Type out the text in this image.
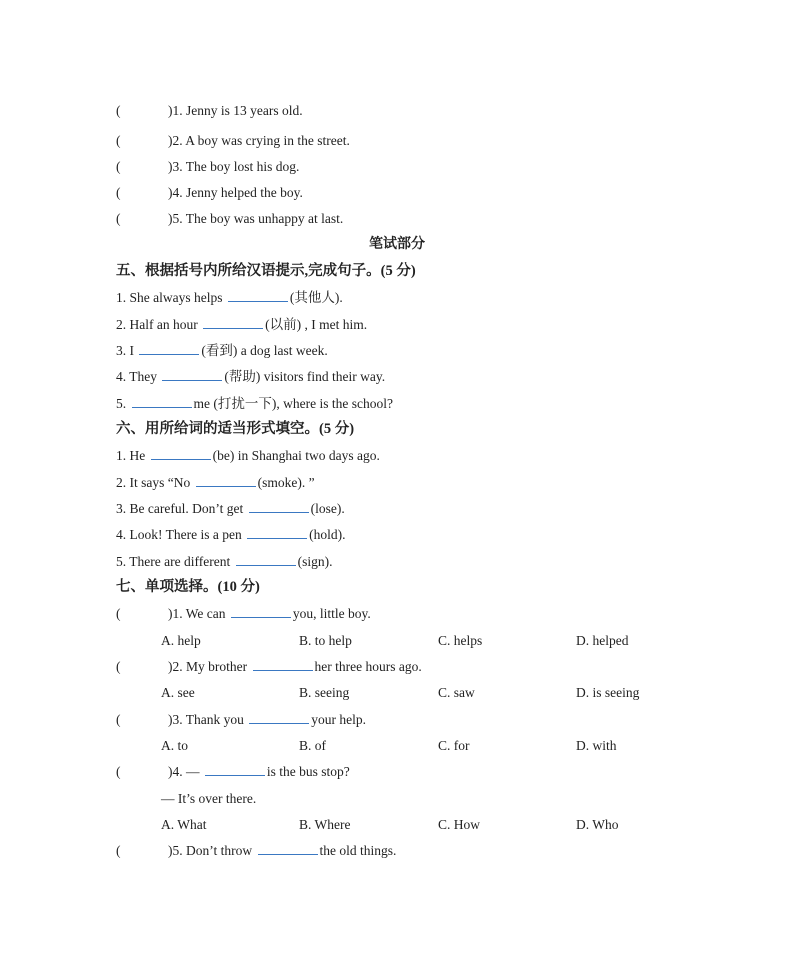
(	)1. Jenny is 13 years old.
(	)2. A boy was crying in the street.
(	)3. The boy lost his dog.
(	)4. Jenny helped the boy.
(	)5. The boy was unhappy at last.
笔试部分
五、根据括号内所给汉语提示,完成句子。(5 分)
1. She always helps	(其他人).
2. Half an hour	(以前) , I met him.
3. I	(看到) a dog last week.
4. They	(帮助) visitors find their way.
5.	me (打扰一下), where is the school?
六、用所给词的适当形式填空。(5 分)
1. He	(be) in Shanghai two days ago.
2. It says “No	(smoke). ”
3. Be careful. Don’t get	(lose).
4. Look! There is a pen	(hold).
5. There are different	(sign).
七、单项选择。(10 分)
(	)1. We can	you, little boy.
A. help	B. to help	C. helps	D. helped
(	)2. My brother	her three hours ago.
A. see	B. seeing	C. saw	D. is seeing
(	)3. Thank you	your help.
A. to	B. of	C. for	D. with
(	)4. —	is the bus stop?
— It’s over there.
A. What	B. Where	C. How	D. Who
(	)5. Don’t throw	the old things.
